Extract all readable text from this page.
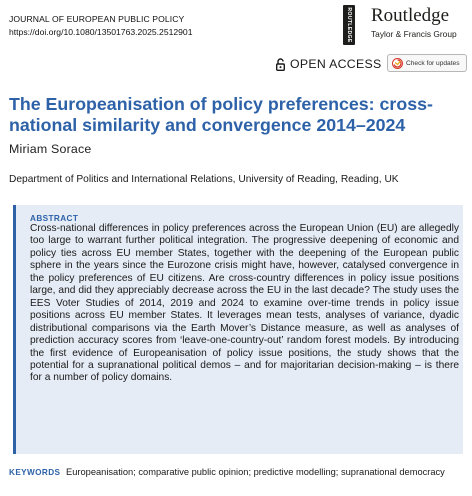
JOURNAL OF EUROPEAN PUBLIC POLICY
https://doi.org/10.1080/13501763.2025.2512901	ROUTLEDGE Routledge
Taylor & Francis Group
OPEN ACCESS	Check for updates
The Europeanisation of policy preferences: cross-national similarity and convergence 2014–2024
Miriam Sorace
Department of Politics and International Relations, University of Reading, Reading, UK
ABSTRACT
Cross-national differences in policy preferences across the European Union (EU) are allegedly too large to warrant further political integration. The progressive deepening of economic and policy ties across EU member States, together with the deepening of the European public sphere in the years since the Eurozone crisis might have, however, catalysed convergence in the policy preferences of EU citizens. Are cross-country differences in policy issue positions large, and did they appreciably decrease across the EU in the last decade? The study uses the EES Voter Studies of 2014, 2019 and 2024 to examine over-time trends in policy issue positions across EU member States. It leverages mean tests, analyses of variance, dyadic distributional comparisons via the Earth Mover’s Distance measure, as well as analyses of prediction accuracy scores from ‘leave-one-country-out’ random forest models. By introducing the first evidence of Europeanisation of policy issue positions, the study shows that the potential for a supranational political demos – and for majoritarian decision-making – is there for a number of policy domains.
KEYWORDS Europeanisation; comparative public opinion; predictive modelling; supranational democracy
